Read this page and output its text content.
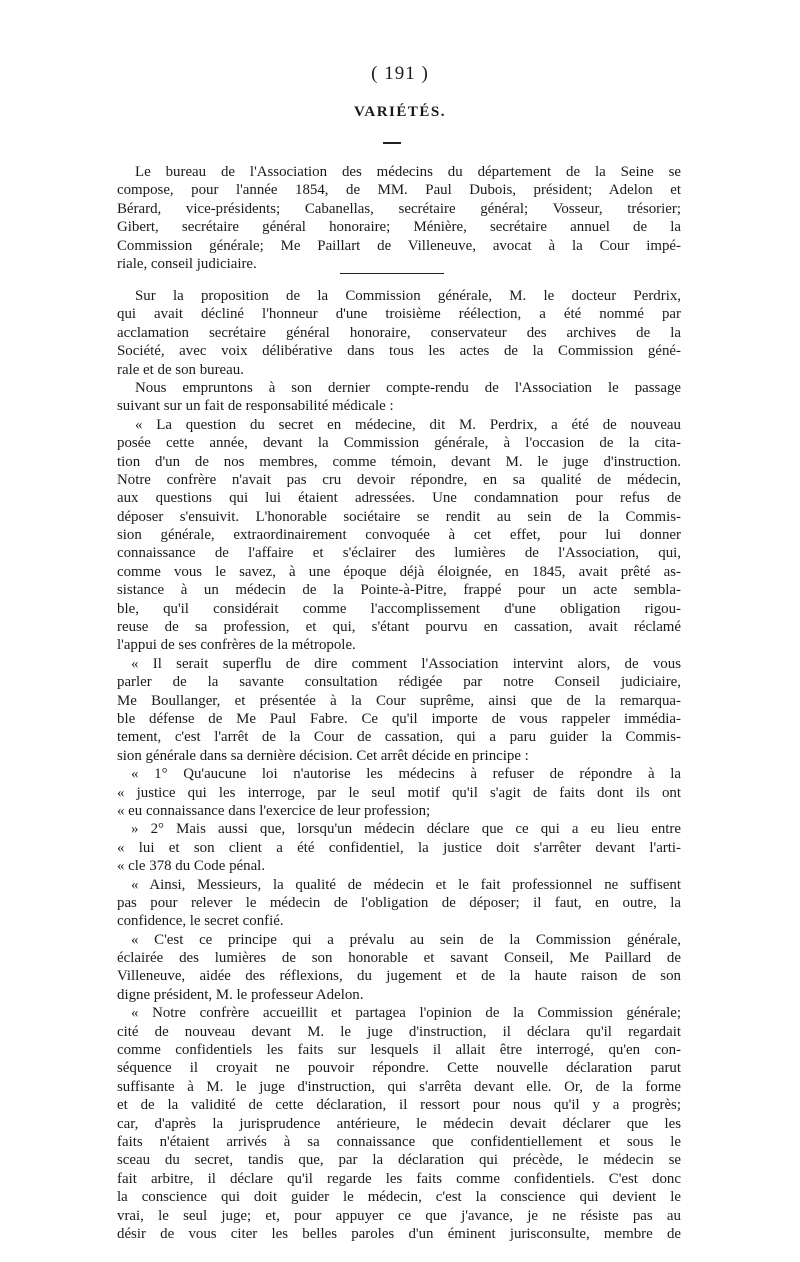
( 191 )
VARIÉTÉS.
Le bureau de l'Association des médecins du département de la Seine se
compose, pour l'année 1854, de MM. Paul Dubois, président; Adelon et
Bérard, vice-présidents; Cabanellas, secrétaire général; Vosseur, trésorier;
Gibert, secrétaire général honoraire; Ménière, secrétaire annuel de la
Commission générale; Me Paillart de Villeneuve, avocat à la Cour impé-
riale, conseil judiciaire.
Sur la proposition de la Commission générale, M. le docteur Perdrix,
qui avait décliné l'honneur d'une troisième réélection, a été nommé par
acclamation secrétaire général honoraire, conservateur des archives de la
Société, avec voix délibérative dans tous les actes de la Commission géné-
rale et de son bureau.
Nous empruntons à son dernier compte-rendu de l'Association le passage
suivant sur un fait de responsabilité médicale :
« La question du secret en médecine, dit M. Perdrix, a été de nouveau
posée cette année, devant la Commission générale, à l'occasion de la cita-
tion d'un de nos membres, comme témoin, devant M. le juge d'instruction.
Notre confrère n'avait pas cru devoir répondre, en sa qualité de médecin,
aux questions qui lui étaient adressées. Une condamnation pour refus de
déposer s'ensuivit. L'honorable sociétaire se rendit au sein de la Commis-
sion générale, extraordinairement convoquée à cet effet, pour lui donner
connaissance de l'affaire et s'éclairer des lumières de l'Association, qui,
comme vous le savez, à une époque déjà éloignée, en 1845, avait prêté as-
sistance à un médecin de la Pointe-à-Pitre, frappé pour un acte sembla-
ble, qu'il considérait comme l'accomplissement d'une obligation rigou-
reuse de sa profession, et qui, s'étant pourvu en cassation, avait réclamé
l'appui de ses confrères de la métropole.
« Il serait superflu de dire comment l'Association intervint alors, de vous
parler de la savante consultation rédigée par notre Conseil judiciaire,
Me Boullanger, et présentée à la Cour suprême, ainsi que de la remarqua-
ble défense de Me Paul Fabre. Ce qu'il importe de vous rappeler immédia-
tement, c'est l'arrêt de la Cour de cassation, qui a paru guider la Commis-
sion générale dans sa dernière décision. Cet arrêt décide en principe :
« 1° Qu'aucune loi n'autorise les médecins à refuser de répondre à la
« justice qui les interroge, par le seul motif qu'il s'agit de faits dont ils ont
« eu connaissance dans l'exercice de leur profession;
» 2° Mais aussi que, lorsqu'un médecin déclare que ce qui a eu lieu entre
« lui et son client a été confidentiel, la justice doit s'arrêter devant l'arti-
« cle 378 du Code pénal.
« Ainsi, Messieurs, la qualité de médecin et le fait professionnel ne suffisent
pas pour relever le médecin de l'obligation de déposer; il faut, en outre, la
confidence, le secret confié.
« C'est ce principe qui a prévalu au sein de la Commission générale,
éclairée des lumières de son honorable et savant Conseil, Me Paillard de
Villeneuve, aidée des réflexions, du jugement et de la haute raison de son
digne président, M. le professeur Adelon.
« Notre confrère accueillit et partagea l'opinion de la Commission générale;
cité de nouveau devant M. le juge d'instruction, il déclara qu'il regardait
comme confidentiels les faits sur lesquels il allait être interrogé, qu'en con-
séquence il croyait ne pouvoir répondre. Cette nouvelle déclaration parut
suffisante à M. le juge d'instruction, qui s'arrêta devant elle. Or, de la forme
et de la validité de cette déclaration, il ressort pour nous qu'il y a progrès;
car, d'après la jurisprudence antérieure, le médecin devait déclarer que les
faits n'étaient arrivés à sa connaissance que confidentiellement et sous le
sceau du secret, tandis que, par la déclaration qui précède, le médecin se
fait arbitre, il déclare qu'il regarde les faits comme confidentiels. C'est donc
la conscience qui doit guider le médecin, c'est la conscience qui devient le
vrai, le seul juge; et, pour appuyer ce que j'avance, je ne résiste pas au
désir de vous citer les belles paroles d'un éminent jurisconsulte, membre de
